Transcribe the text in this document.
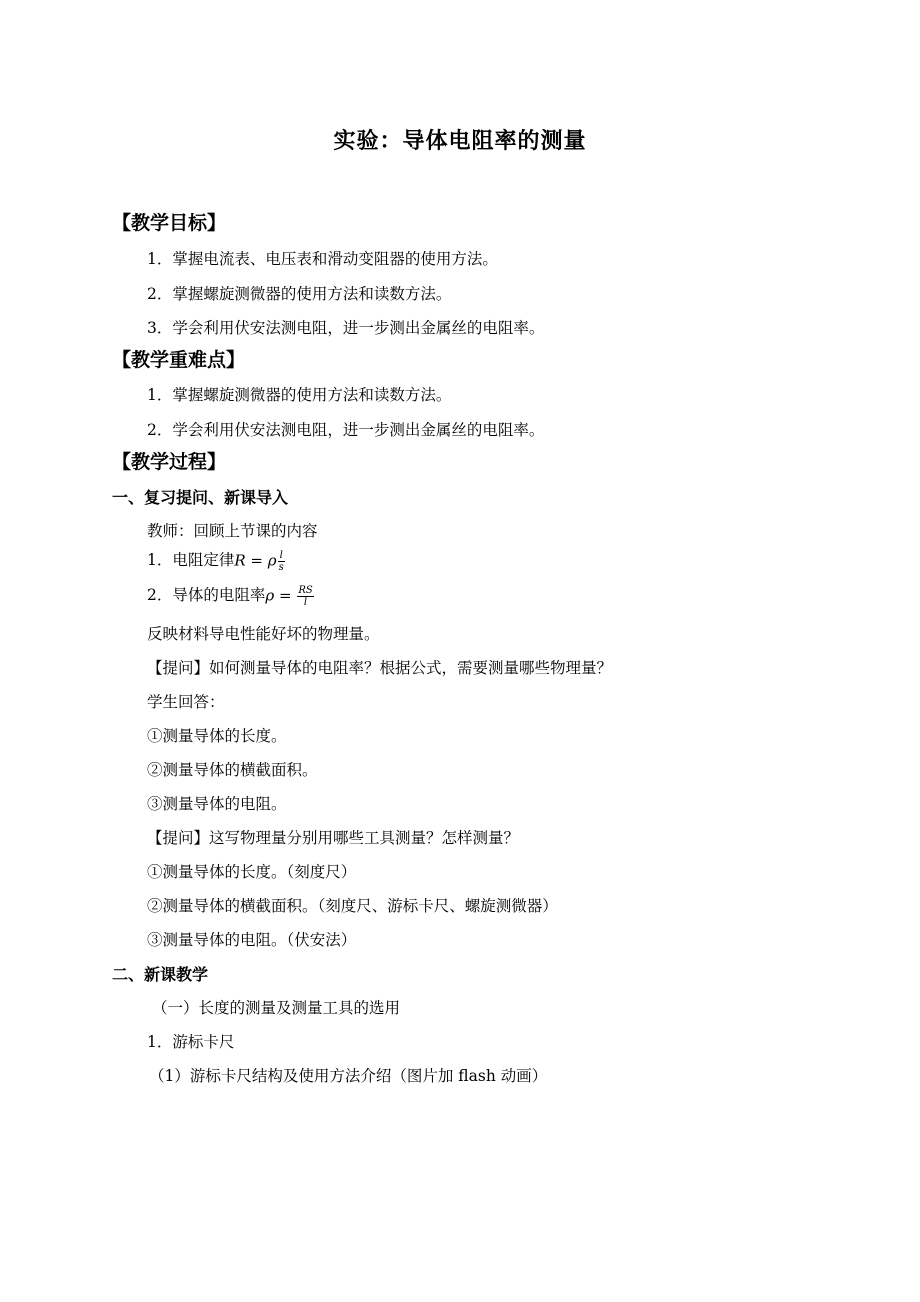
实验：导体电阻率的测量
【教学目标】

1．掌握电流表、电压表和滑动变阻器的使用方法。

2．掌握螺旋测微器的使用方法和读数方法。

3．学会利用伏安法测电阻，进一步测出金属丝的电阻率。

【教学重难点】

1．掌握螺旋测微器的使用方法和读数方法。

2．学会利用伏安法测电阻，进一步测出金属丝的电阻率。

【教学过程】
一、复习提问、新课导入

教师：回顾上节课的内容

1．电阻定律R = ρ $\frac{l}{s}$

2．导体的电阻率$\rho = \frac{RS}{l}$

反映材料导电性能好坏的物理量。

【提问】如何测量导体的电阻率？根据公式，需要测量哪些物理量？

学生回答：

①测量导体的长度。

②测量导体的横截面积。

③测量导体的电阻。

【提问】这写物理量分别用哪些工具测量？怎样测量？

①测量导体的长度。（刻度尺）

②测量导体的横截面积。（刻度尺、游标卡尺、螺旋测微器）

③测量导体的电阻。（伏安法）

二、新课教学

（一）长度的测量及测量工具的选用

1．游标卡尺

（1）游标卡尺结构及使用方法介绍（图片加 flash 动画）
